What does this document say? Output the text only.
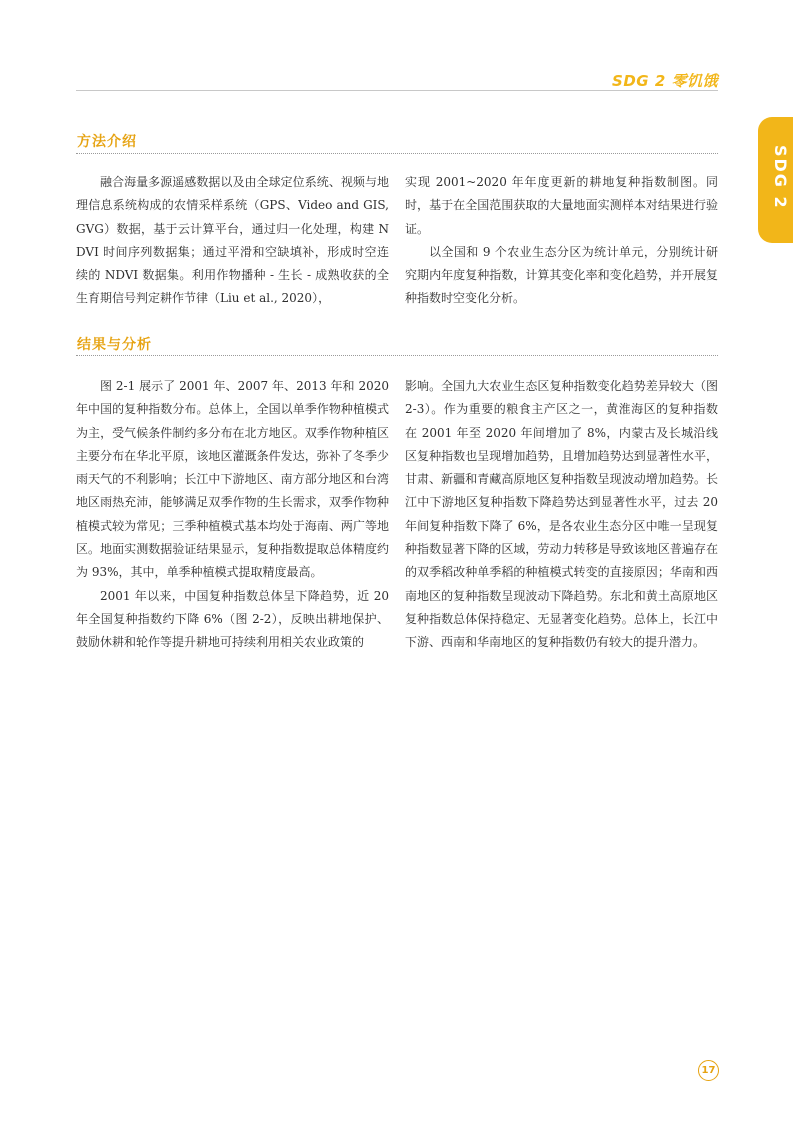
SDG 2 零饥饿
SDG 2
方法介绍

融合海量多源遥感数据以及由全球定位系统、视频与地理信息系统构成的农情采样系统（GPS、Video and GIS, GVG）数据，基于云计算平台，通过归一化处理，构建 NDVI 时间序列数据集；通过平滑和空缺填补，形成时空连续的 NDVI 数据集。利用作物播种 - 生长 - 成熟收获的全生育期信号判定耕作节律（Liu et al., 2020），

实现 2001~2020 年年度更新的耕地复种指数制图。同时，基于在全国范围获取的大量地面实测样本对结果进行验证。

以全国和 9 个农业生态分区为统计单元，分别统计研究期内年度复种指数，计算其变化率和变化趋势，并开展复种指数时空变化分析。

结果与分析

图 2-1 展示了 2001 年、2007 年、2013 年和 2020 年中国的复种指数分布。总体上，全国以单季作物种植模式为主，受气候条件制约多分布在北方地区。双季作物种植区主要分布在华北平原，该地区灌溉条件发达，弥补了冬季少雨天气的不利影响；长江中下游地区、南方部分地区和台湾地区雨热充沛，能够满足双季作物的生长需求，双季作物种植模式较为常见；三季种植模式基本均处于海南、两广等地区。地面实测数据验证结果显示，复种指数提取总体精度约为 93%，其中，单季种植模式提取精度最高。

2001 年以来，中国复种指数总体呈下降趋势，近 20 年全国复种指数约下降 6%（图 2-2），反映出耕地保护、鼓励休耕和轮作等提升耕地可持续利用相关农业政策的

影响。全国九大农业生态区复种指数变化趋势差异较大（图 2-3）。作为重要的粮食主产区之一，黄淮海区的复种指数在 2001 年至 2020 年间增加了 8%，内蒙古及长城沿线区复种指数也呈现增加趋势，且增加趋势达到显著性水平，甘肃、新疆和青藏高原地区复种指数呈现波动增加趋势。长江中下游地区复种指数下降趋势达到显著性水平，过去 20 年间复种指数下降了 6%，是各农业生态分区中唯一呈现复种指数显著下降的区域，劳动力转移是导致该地区普遍存在的双季稻改种单季稻的种植模式转变的直接原因；华南和西南地区的复种指数呈现波动下降趋势。东北和黄土高原地区复种指数总体保持稳定、无显著变化趋势。总体上，长江中下游、西南和华南地区的复种指数仍有较大的提升潜力。

17
